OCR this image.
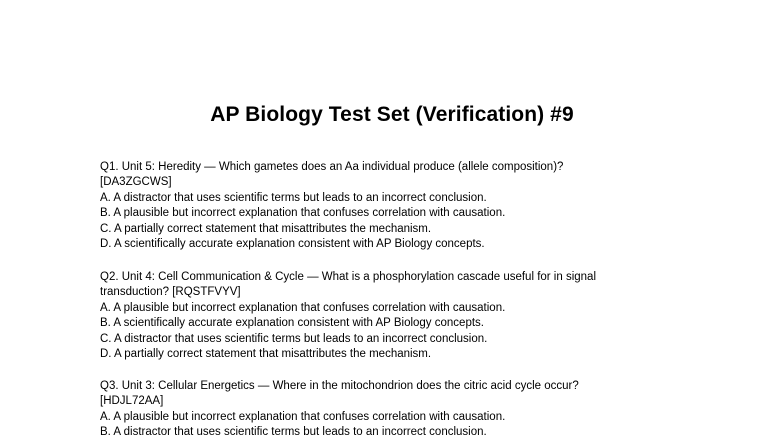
AP Biology Test Set (Verification) #9
Q1. Unit 5: Heredity — Which gametes does an Aa individual produce (allele composition)?
[DA3ZGCWS]
A. A distractor that uses scientific terms but leads to an incorrect conclusion.
B. A plausible but incorrect explanation that confuses correlation with causation.
C. A partially correct statement that misattributes the mechanism.
D. A scientifically accurate explanation consistent with AP Biology concepts.
Q2. Unit 4: Cell Communication & Cycle — What is a phosphorylation cascade useful for in signal
transduction? [RQSTFVYV]
A. A plausible but incorrect explanation that confuses correlation with causation.
B. A scientifically accurate explanation consistent with AP Biology concepts.
C. A distractor that uses scientific terms but leads to an incorrect conclusion.
D. A partially correct statement that misattributes the mechanism.
Q3. Unit 3: Cellular Energetics — Where in the mitochondrion does the citric acid cycle occur?
[HDJL72AA]
A. A plausible but incorrect explanation that confuses correlation with causation.
B. A distractor that uses scientific terms but leads to an incorrect conclusion.
